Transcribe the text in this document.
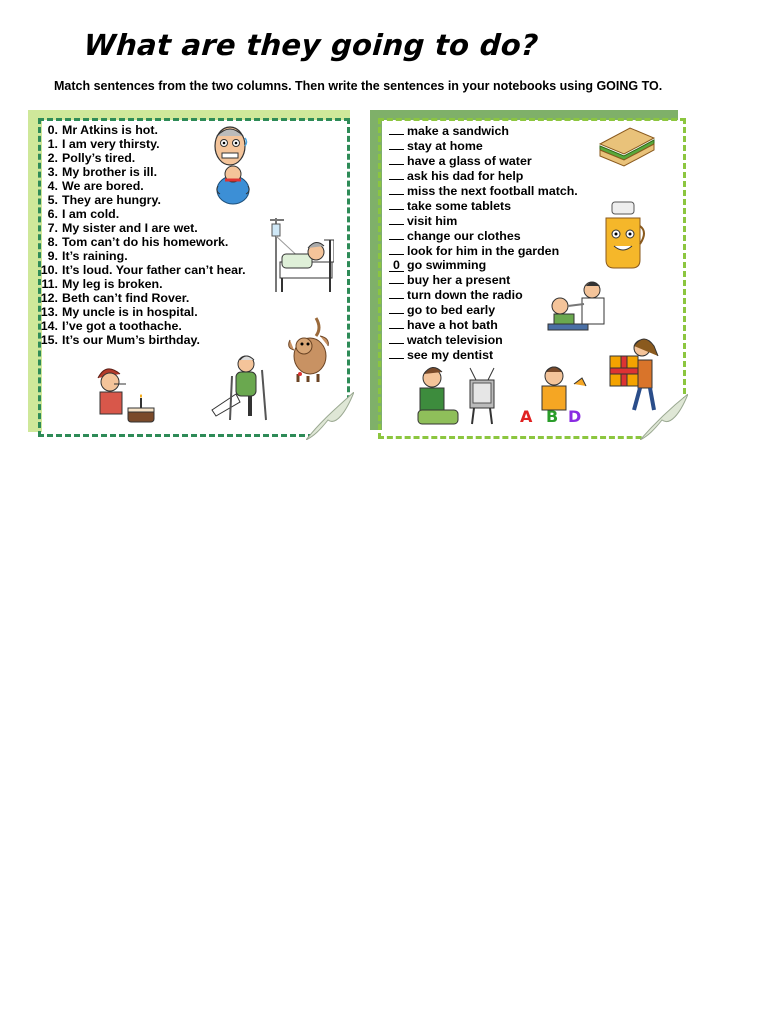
What are they going to do?
Match sentences from the two columns. Then write the sentences in your notebooks using GOING TO.
0. Mr Atkins is hot.
1. I am very thirsty.
2. Polly’s tired.
3. My brother is ill.
4. We are bored.
5. They are hungry.
6. I am cold.
7. My sister and I are wet.
8. Tom can’t do his homework.
9. It’s raining.
10. It’s loud. Your father can’t hear.
11. My leg is broken.
12. Beth can’t find Rover.
13. My uncle is in hospital.
14. I’ve got a toothache.
15. It’s our Mum’s birthday.
make a sandwich
stay at home
have a glass of water
ask his dad for help
miss the next football match.
take some tablets
visit him
change our clothes
look for him in the garden
0 go swimming
buy her a present
turn down the radio
go to bed early
have a hot bath
watch television
see my dentist
A B D
